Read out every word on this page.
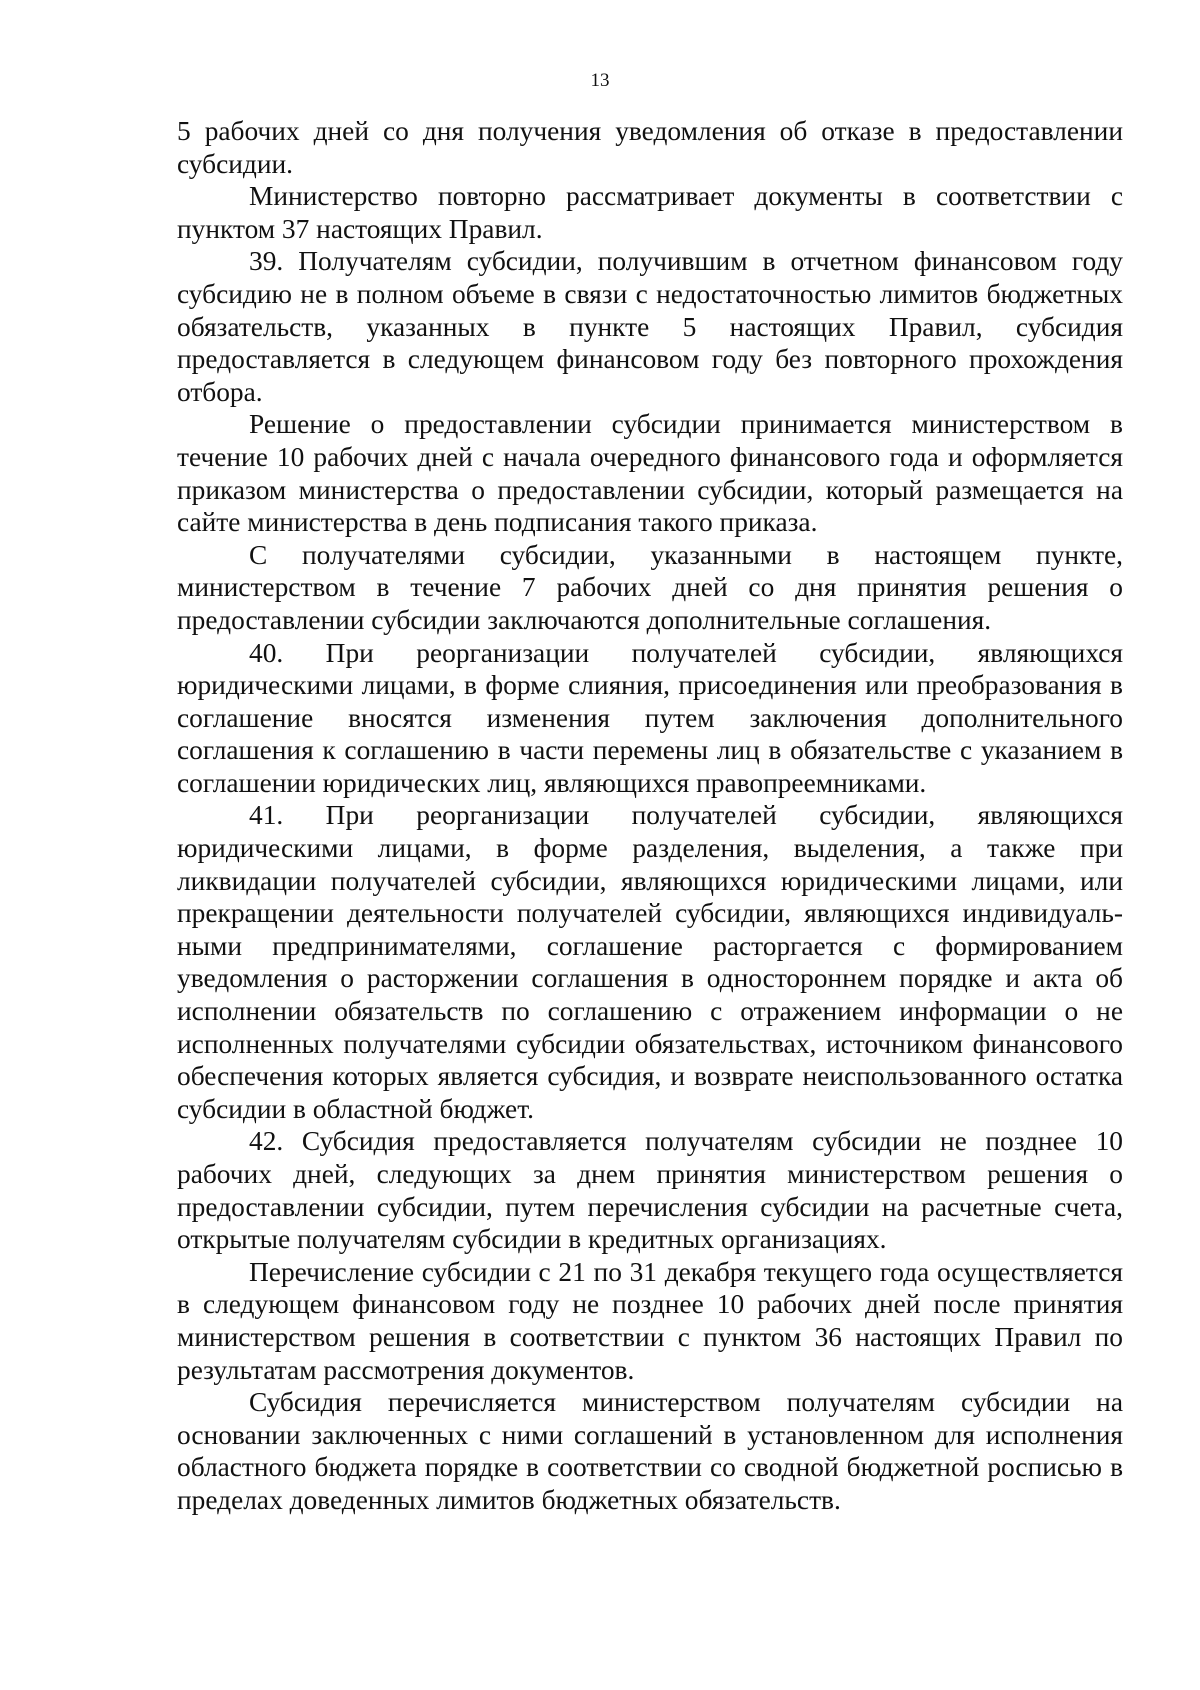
13

5 рабочих дней со дня получения уведомления об отказе в предоставлении субсидии.

Министерство повторно рассматривает документы в соответствии с пунктом 37 настоящих Правил.

39. Получателям субсидии, получившим в отчетном финансовом году субсидию не в полном объеме в связи с недостаточностью лимитов бюджетных обязательств, указанных в пункте 5 настоящих Правил, субсидия предоставляется в следующем финансовом году без повторного прохождения отбора.

Решение о предоставлении субсидии принимается министерством в течение 10 рабочих дней с начала очередного финансового года и оформляется приказом министерства о предоставлении субсидии, который размещается на сайте министерства в день подписания такого приказа.

С получателями субсидии, указанными в настоящем пункте, министерством в течение 7 рабочих дней со дня принятия решения о предоставлении субсидии заключаются дополнительные соглашения.

40. При реорганизации получателей субсидии, являющихся юридическими лицами, в форме слияния, присоединения или преобразования в соглашение вносятся изменения путем заключения дополнительного соглашения к соглашению в части перемены лиц в обязательстве с указанием в соглашении юридических лиц, являющихся правопреемниками.

41. При реорганизации получателей субсидии, являющихся юридическими лицами, в форме разделения, выделения, а также при ликвидации получателей субсидии, являющихся юридическими лицами, или прекращении деятельности получателей субсидии, являющихся индивидуальными предпринимателями, соглашение расторгается с формированием уведомления о расторжении соглашения в одностороннем порядке и акта об исполнении обязательств по соглашению с отражением информации о не исполненных получателями субсидии обязательствах, источником финансового обеспечения которых является субсидия, и возврате неиспользованного остатка субсидии в областной бюджет.

42. Субсидия предоставляется получателям субсидии не позднее 10 рабочих дней, следующих за днем принятия министерством решения о предоставлении субсидии, путем перечисления субсидии на расчетные счета, открытые получателям субсидии в кредитных организациях.

Перечисление субсидии с 21 по 31 декабря текущего года осуществляется в следующем финансовом году не позднее 10 рабочих дней после принятия министерством решения в соответствии с пунктом 36 настоящих Правил по результатам рассмотрения документов.

Субсидия перечисляется министерством получателям субсидии на основании заключенных с ними соглашений в установленном для исполнения областного бюджета порядке в соответствии со сводной бюджетной росписью в пределах доведенных лимитов бюджетных обязательств.
